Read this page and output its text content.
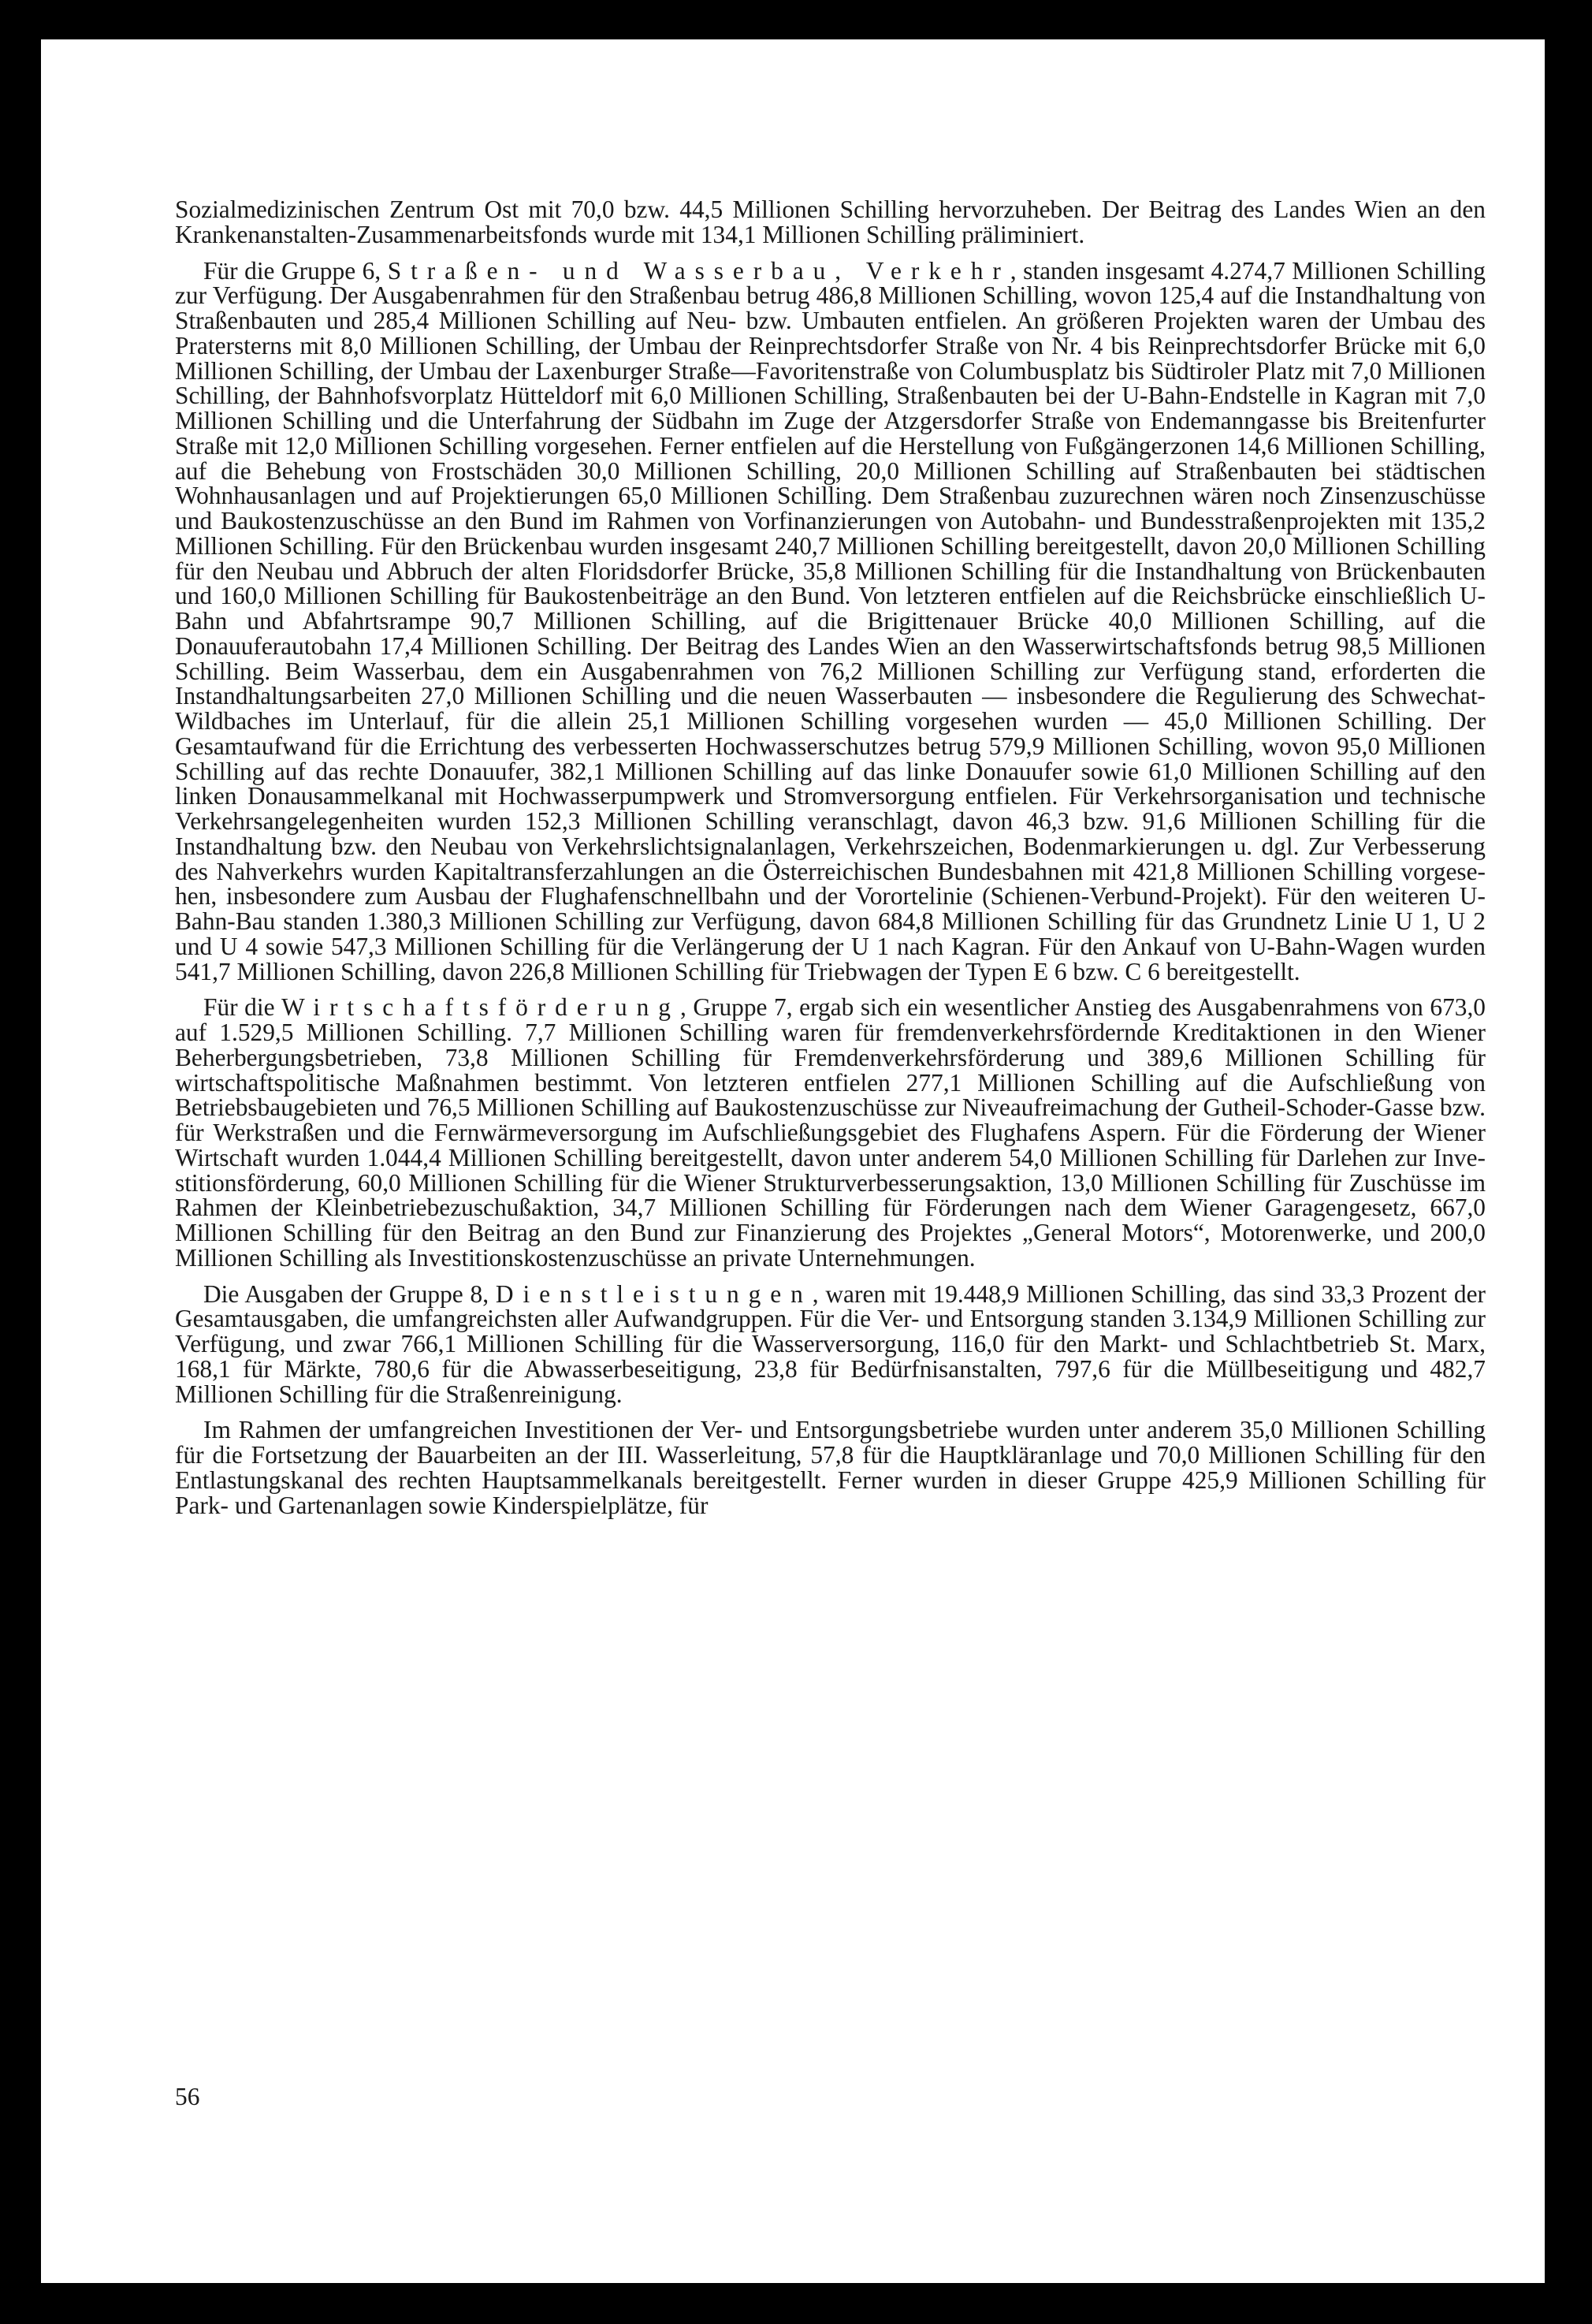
Sozialmedizinischen Zentrum Ost mit 70,0 bzw. 44,5 Millionen Schilling hervorzuheben. Der Beitrag des Landes Wien an den Krankenanstalten-Zusammenarbeitsfonds wurde mit 134,1 Millionen Schilling präliminiert.

Für die Gruppe 6, Straßen- und Wasserbau, Verkehr, standen insgesamt 4.274,7 Millionen Schilling zur Verfügung. Der Ausgabenrahmen für den Straßenbau betrug 486,8 Millionen Schilling, wovon 125,4 auf die Instandhaltung von Straßenbauten und 285,4 Millionen Schilling auf Neu- bzw. Umbauten entfielen. An größeren Projekten waren der Umbau des Pratersterns mit 8,0 Millionen Schilling, der Umbau der Reinprechtsdorfer Straße von Nr. 4 bis Reinprechtsdorfer Brücke mit 6,0 Millionen Schilling, der Umbau der Laxenburger Straße—Favoritenstraße von Columbusplatz bis Südtiroler Platz mit 7,0 Millionen Schilling, der Bahnhofsvorplatz Hütteldorf mit 6,0 Millionen Schilling, Straßenbauten bei der U-Bahn-Endstelle in Kagran mit 7,0 Millionen Schilling und die Unterfahrung der Südbahn im Zuge der Atzgersdorfer Straße von Endemanngasse bis Breitenfurter Straße mit 12,0 Millionen Schilling vorgesehen. Ferner entfielen auf die Herstellung von Fußgängerzonen 14,6 Millionen Schilling, auf die Behebung von Frostschäden 30,0 Millionen Schilling, 20,0 Millionen Schilling auf Straßenbauten bei städtischen Wohnhausanlagen und auf Projektierungen 65,0 Millionen Schilling. Dem Straßenbau zuzurechnen wären noch Zinsenzuschüsse und Baukostenzuschüsse an den Bund im Rahmen von Vorfinanzierungen von Autobahn- und Bundesstraßenprojekten mit 135,2 Millionen Schilling. Für den Brückenbau wurden insgesamt 240,7 Millionen Schilling bereitgestellt, davon 20,0 Millionen Schilling für den Neubau und Abbruch der alten Floridsdorfer Brücke, 35,8 Millionen Schilling für die Instandhaltung von Brückenbauten und 160,0 Millionen Schilling für Baukostenbeiträge an den Bund. Von letzteren entfielen auf die Reichsbrücke einschließlich U-Bahn und Abfahrtsrampe 90,7 Millionen Schilling, auf die Brigittenauer Brücke 40,0 Millionen Schilling, auf die Donauuferautobahn 17,4 Millionen Schilling. Der Beitrag des Landes Wien an den Wasserwirtschaftsfonds betrug 98,5 Millionen Schilling. Beim Wasserbau, dem ein Ausgabenrahmen von 76,2 Millionen Schilling zur Verfügung stand, erforderten die Instandhaltungsarbeiten 27,0 Millionen Schilling und die neuen Wasserbauten — insbesondere die Regulierung des Schwechat-Wildbaches im Unterlauf, für die allein 25,1 Millionen Schilling vorgesehen wurden — 45,0 Millionen Schilling. Der Gesamtaufwand für die Errichtung des verbesserten Hochwasserschutzes betrug 579,9 Millionen Schilling, wovon 95,0 Millionen Schilling auf das rechte Donauufer, 382,1 Millionen Schilling auf das linke Donauufer sowie 61,0 Millionen Schilling auf den linken Donausammelkanal mit Hochwasserpumpwerk und Stromversorgung entfielen. Für Verkehrsorganisation und technische Verkehrsangelegenheiten wurden 152,3 Millionen Schilling veranschlagt, davon 46,3 bzw. 91,6 Millionen Schilling für die Instandhaltung bzw. den Neubau von Verkehrslichtsignalanlagen, Verkehrszeichen, Bodenmarkierungen u. dgl. Zur Verbesserung des Nahverkehrs wurden Kapitaltransferzahlungen an die Österreichischen Bundesbahnen mit 421,8 Millionen Schilling vorgesehen, insbesondere zum Ausbau der Flughafenschnellbahn und der Vorortelinie (Schienen-Verbund-Projekt). Für den weiteren U-Bahn-Bau standen 1.380,3 Millionen Schilling zur Verfügung, davon 684,8 Millionen Schilling für das Grundnetz Linie U 1, U 2 und U 4 sowie 547,3 Millionen Schilling für die Verlängerung der U 1 nach Kagran. Für den Ankauf von U-Bahn-Wagen wurden 541,7 Millionen Schilling, davon 226,8 Millionen Schilling für Triebwagen der Typen E 6 bzw. C 6 bereitgestellt.

Für die Wirtschaftsförderung, Gruppe 7, ergab sich ein wesentlicher Anstieg des Ausgabenrahmens von 673,0 auf 1.529,5 Millionen Schilling. 7,7 Millionen Schilling waren für fremdenverkehrsfördernde Kreditaktionen in den Wiener Beherbergungsbetrieben, 73,8 Millionen Schilling für Fremdenverkehrsförderung und 389,6 Millionen Schilling für wirtschaftspolitische Maßnahmen bestimmt. Von letzteren entfielen 277,1 Millionen Schilling auf die Aufschließung von Betriebsbaugebieten und 76,5 Millionen Schilling auf Baukostenzuschüsse zur Niveaufreimachung der Gutheil-Schoder-Gasse bzw. für Werkstraßen und die Fernwärmeversorgung im Aufschließungsgebiet des Flughafens Aspern. Für die Förderung der Wiener Wirtschaft wurden 1.044,4 Millionen Schilling bereitgestellt, davon unter anderem 54,0 Millionen Schilling für Darlehen zur Investitionsförderung, 60,0 Millionen Schilling für die Wiener Strukturverbesserungsaktion, 13,0 Millionen Schilling für Zuschüsse im Rahmen der Kleinbetriebezuschußaktion, 34,7 Millionen Schilling für Förderungen nach dem Wiener Garagengesetz, 667,0 Millionen Schilling für den Beitrag an den Bund zur Finanzierung des Projektes „General Motors“, Motorenwerke, und 200,0 Millionen Schilling als Investitionskostenzuschüsse an private Unternehmungen.

Die Ausgaben der Gruppe 8, Dienstleistungen, waren mit 19.448,9 Millionen Schilling, das sind 33,3 Prozent der Gesamtausgaben, die umfangreichsten aller Aufwandgruppen. Für die Ver- und Entsorgung standen 3.134,9 Millionen Schilling zur Verfügung, und zwar 766,1 Millionen Schilling für die Wasserversorgung, 116,0 für den Markt- und Schlachtbetrieb St. Marx, 168,1 für Märkte, 780,6 für die Abwasserbeseitigung, 23,8 für Bedürfnisanstalten, 797,6 für die Müllbeseitigung und 482,7 Millionen Schilling für die Straßenreinigung.

Im Rahmen der umfangreichen Investitionen der Ver- und Entsorgungsbetriebe wurden unter anderem 35,0 Millionen Schilling für die Fortsetzung der Bauarbeiten an der III. Wasserleitung, 57,8 für die Hauptkläranlage und 70,0 Millionen Schilling für den Entlastungskanal des rechten Hauptsammelkanals bereitgestellt. Ferner wurden in dieser Gruppe 425,9 Millionen Schilling für Park- und Gartenanlagen sowie Kinderspielplätze, für

56
